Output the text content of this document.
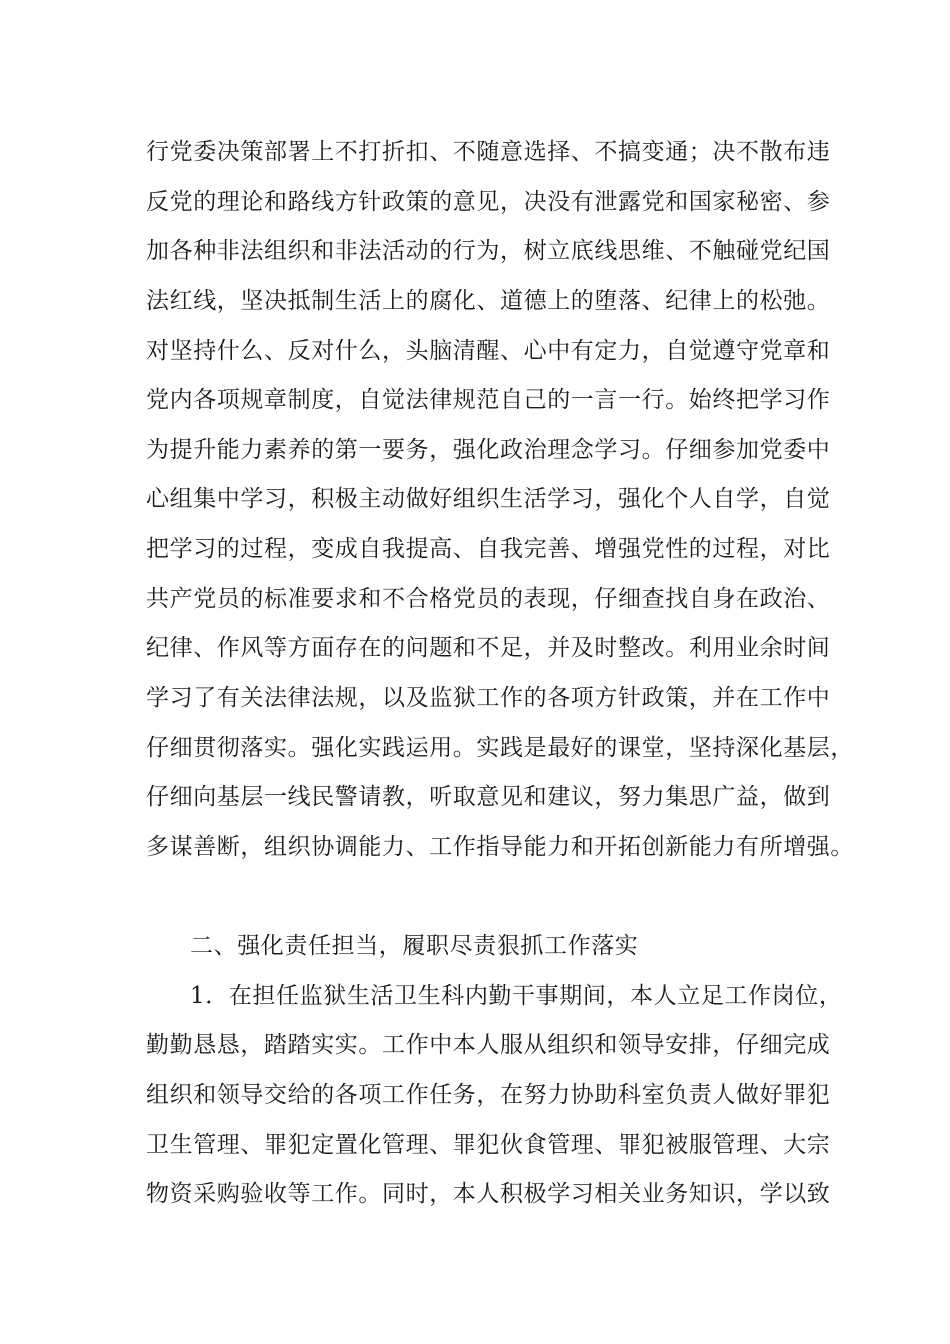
行党委决策部署上不打折扣、不随意选择、不搞变通；决不散布违
反党的理论和路线方针政策的意见，决没有泄露党和国家秘密、参
加各种非法组织和非法活动的行为，树立底线思维、不触碰党纪国
法红线，坚决抵制生活上的腐化、道德上的堕落、纪律上的松弛。
对坚持什么、反对什么，头脑清醒、心中有定力，自觉遵守党章和
党内各项规章制度，自觉法律规范自己的一言一行。始终把学习作
为提升能力素养的第一要务，强化政治理念学习。仔细参加党委中
心组集中学习，积极主动做好组织生活学习，强化个人自学，自觉
把学习的过程，变成自我提高、自我完善、增强党性的过程，对比
共产党员的标准要求和不合格党员的表现，仔细查找自身在政治、
纪律、作风等方面存在的问题和不足，并及时整改。利用业余时间
学习了有关法律法规，以及监狱工作的各项方针政策，并在工作中
仔细贯彻落实。强化实践运用。实践是最好的课堂，坚持深化基层，
仔细向基层一线民警请教，听取意见和建议，努力集思广益，做到
多谋善断，组织协调能力、工作指导能力和开拓创新能力有所增强。
二、强化责任担当，履职尽责狠抓工作落实
1．在担任监狱生活卫生科内勤干事期间，本人立足工作岗位，
勤勤恳恳，踏踏实实。工作中本人服从组织和领导安排，仔细完成
组织和领导交给的各项工作任务，在努力协助科室负责人做好罪犯
卫生管理、罪犯定置化管理、罪犯伙食管理、罪犯被服管理、大宗
物资采购验收等工作。同时，本人积极学习相关业务知识，学以致
